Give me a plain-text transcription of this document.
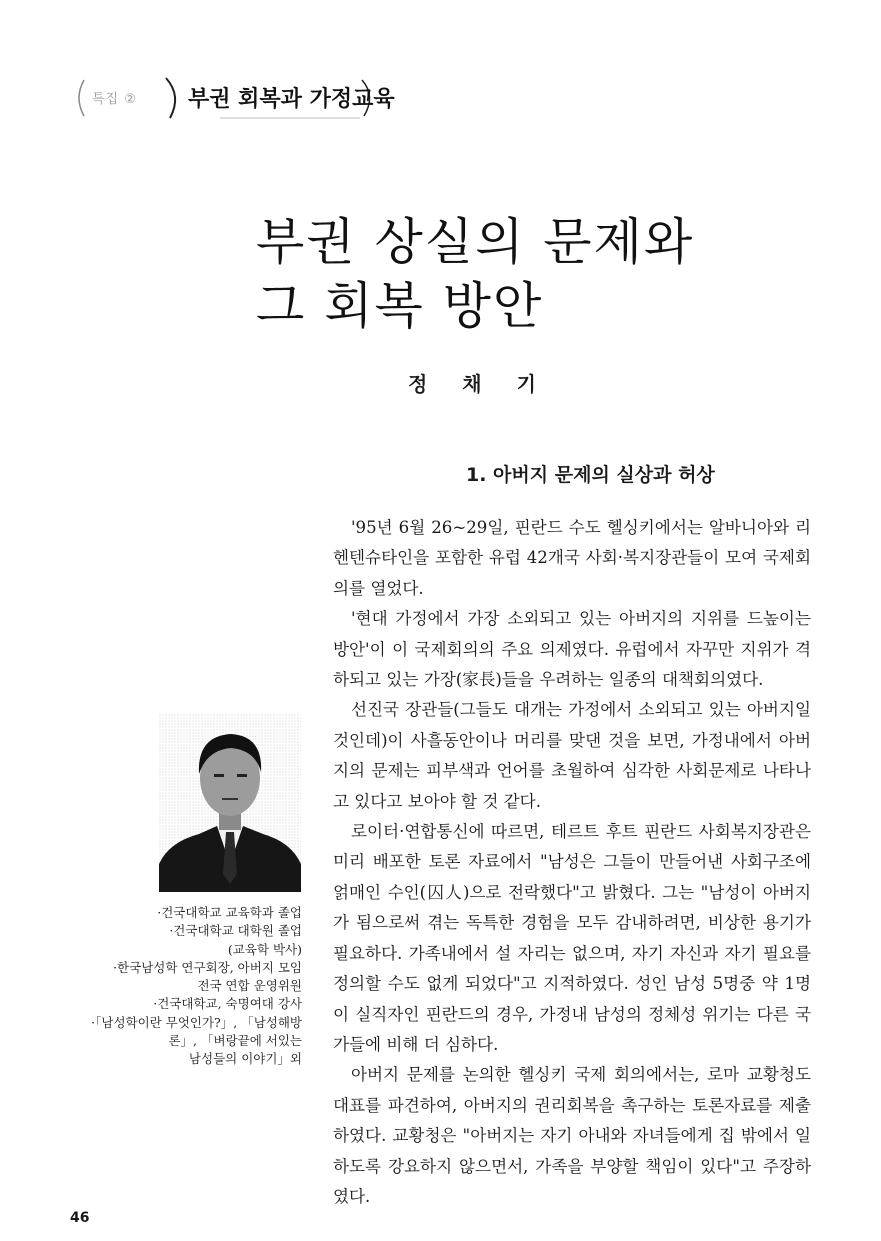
특집 ② 부권 회복과 가정교육
부권 상실의 문제와
그 회복 방안
정 채 기
1. 아버지 문제의 실상과 허상

'95년 6월 26~29일, 핀란드 수도 헬싱키에서는 알바니아와 리헨텐슈타인을 포함한 유럽 42개국 사회·복지장관들이 모여 국제회의를 열었다.

'현대 가정에서 가장 소외되고 있는 아버지의 지위를 드높이는 방안'이 이 국제회의의 주요 의제였다. 유럽에서 자꾸만 지위가 격하되고 있는 가장(家長)들을 우려하는 일종의 대책회의였다.

선진국 장관들(그들도 대개는 가정에서 소외되고 있는 아버지일 것인데)이 사흘동안이나 머리를 맞댄 것을 보면, 가정내에서 아버지의 문제는 피부색과 언어를 초월하여 심각한 사회문제로 나타나고 있다고 보아야 할 것 같다.

로이터·연합통신에 따르면, 테르트 후트 핀란드 사회복지장관은 미리 배포한 토론 자료에서 "남성은 그들이 만들어낸 사회구조에 얽매인 수인(囚人)으로 전락했다"고 밝혔다. 그는 "남성이 아버지가 됨으로써 겪는 독특한 경험을 모두 감내하려면, 비상한 용기가 필요하다. 가족내에서 설 자리는 없으며, 자기 자신과 자기 필요를 정의할 수도 없게 되었다"고 지적하였다. 성인 남성 5명중 약 1명이 실직자인 핀란드의 경우, 가정내 남성의 정체성 위기는 다른 국가들에 비해 더 심하다.

아버지 문제를 논의한 헬싱키 국제 회의에서는, 로마 교황청도 대표를 파견하여, 아버지의 권리회복을 촉구하는 토론자료를 제출하였다. 교황청은 "아버지는 자기 아내와 자녀들에게 집 밖에서 일하도록 강요하지 않으면서, 가족을 부양할 책임이 있다"고 주장하였다.

·건국대학교 교육학과 졸업
·건국대학교 대학원 졸업
(교육학 박사)
·한국남성학 연구회장, 아버지 모임
전국 연합 운영위원
·건국대학교, 숙명여대 강사
·「남성학이란 무엇인가?」, 「남성해방
론」, 「벼랑끝에 서있는
남성들의 이야기」외
46
